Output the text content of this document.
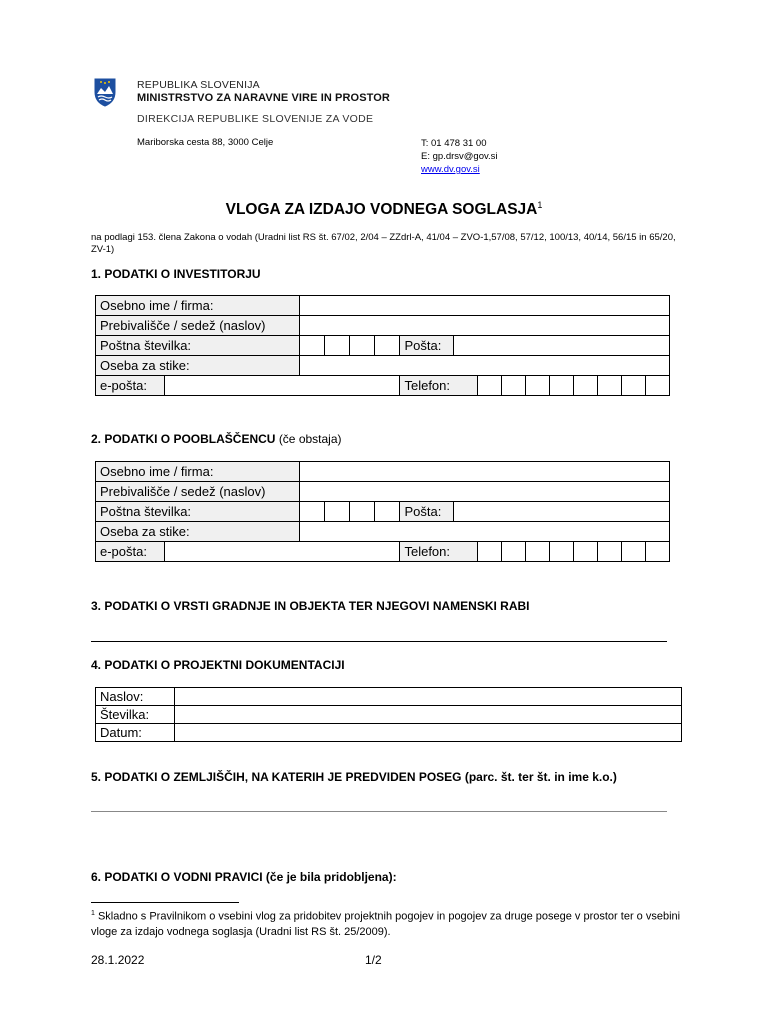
REPUBLIKA SLOVENIJA
MINISTRSTVO ZA NARAVNE VIRE IN PROSTOR
DIREKCIJA REPUBLIKE SLOVENIJE ZA VODE
Mariborska cesta 88, 3000 Celje	T: 01 478 31 00
E: gp.drsv@gov.si
www.dv.gov.si
VLOGA ZA IZDAJO VODNEGA SOGLASJA$^1$
na podlagi 153. člena Zakona o vodah (Uradni list RS št. 67/02, 2/04 – ZZdrl-A, 41/04 – ZVO-1,57/08, 57/12, 100/13, 40/14, 56/15 in 65/20, ZV-1)
1. PODATKI O INVESTITORJU
Osebno ime / firma:															
Prebivališče / sedež (naslov)															
Poštna številka:						Pošta:									
Oseba za stike:															
e-pošta:						Telefon:									
2. PODATKI O POOBLAŠČENCU (če obstaja)
Osebno ime / firma:															
Prebivališče / sedež (naslov)															
Poštna številka:						Pošta:									
Oseba za stike:															
e-pošta:						Telefon:									
3. PODATKI O VRSTI GRADNJE IN OBJEKTA TER NJEGOVI NAMENSKI RABI
4. PODATKI O PROJEKTNI DOKUMENTACIJI
Naslov:	
Številka:	
Datum:	
5. PODATKI O ZEMLJIŠČIH, NA KATERIH JE PREDVIDEN POSEG (parc. št. ter št. in ime k.o.)
6. PODATKI O VODNI PRAVICI (če je bila pridobljena):
$^1$ Skladno s Pravilnikom o vsebini vlog za pridobitev projektnih pogojev in pogojev za druge posege v prostor ter o vsebini vloge za izdajo vodnega soglasja (Uradni list RS št. 25/2009).
28.1.2022	1/2
